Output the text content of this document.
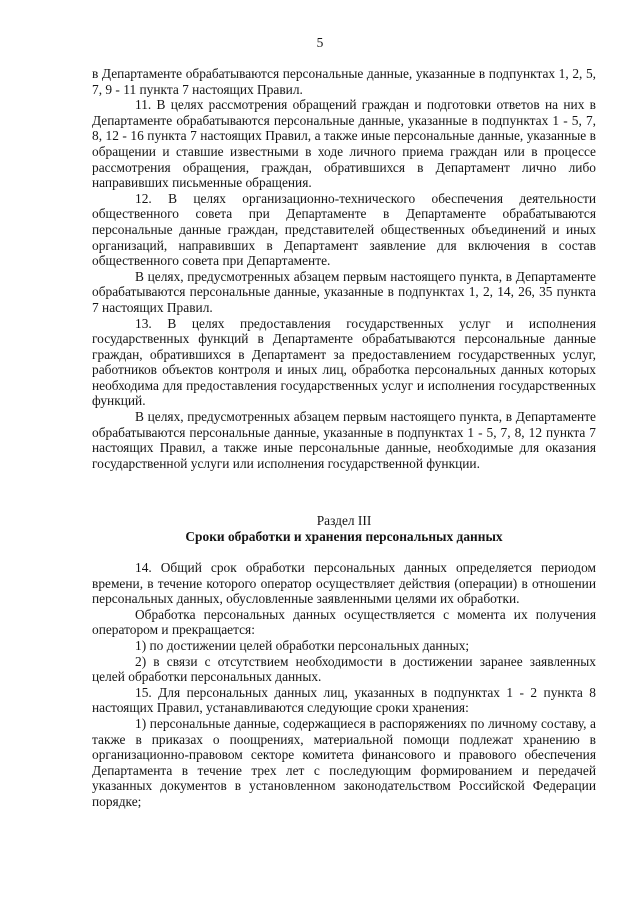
5

в Департаменте обрабатываются персональные данные, указанные в подпунктах 1, 2, 5, 7, 9 - 11 пункта 7 настоящих Правил.

11. В целях рассмотрения обращений граждан и подготовки ответов на них в Департаменте обрабатываются персональные данные, указанные в подпунктах 1 - 5, 7, 8, 12 - 16 пункта 7 настоящих Правил, а также иные персональные данные, указанные в обращении и ставшие известными в ходе личного приема граждан или в процессе рассмотрения обращения, граждан, обратившихся в Департамент лично либо направивших письменные обращения.

12. В целях организационно-технического обеспечения деятельности общественного совета при Департаменте в Департаменте обрабатываются персональные данные граждан, представителей общественных объединений и иных организаций, направивших в Департамент заявление для включения в состав общественного совета при Департаменте.

В целях, предусмотренных абзацем первым настоящего пункта, в Департаменте обрабатываются персональные данные, указанные в подпунктах 1, 2, 14, 26, 35 пункта 7 настоящих Правил.

13. В целях предоставления государственных услуг и исполнения государственных функций в Департаменте обрабатываются персональные данные граждан, обратившихся в Департамент за предоставлением государственных услуг, работников объектов контроля и иных лиц, обработка персональных данных которых необходима для предоставления государственных услуг и исполнения государственных функций.

В целях, предусмотренных абзацем первым настоящего пункта, в Департаменте обрабатываются персональные данные, указанные в подпунктах 1 - 5, 7, 8, 12 пункта 7 настоящих Правил, а также иные персональные данные, необходимые для оказания государственной услуги или исполнения государственной функции.

Раздел III

Сроки обработки и хранения персональных данных

14. Общий срок обработки персональных данных определяется периодом времени, в течение которого оператор осуществляет действия (операции) в отношении персональных данных, обусловленные заявленными целями их обработки.

Обработка персональных данных осуществляется с момента их получения оператором и прекращается:

1) по достижении целей обработки персональных данных;

2) в связи с отсутствием необходимости в достижении заранее заявленных целей обработки персональных данных.

15. Для персональных данных лиц, указанных в подпунктах 1 - 2 пункта 8 настоящих Правил, устанавливаются следующие сроки хранения:

1) персональные данные, содержащиеся в распоряжениях по личному составу, а также в приказах о поощрениях, материальной помощи подлежат хранению в организационно-правовом секторе комитета финансового и правового обеспечения Департамента в течение трех лет с последующим формированием и передачей указанных документов в установленном законодательством Российской Федерации порядке;
